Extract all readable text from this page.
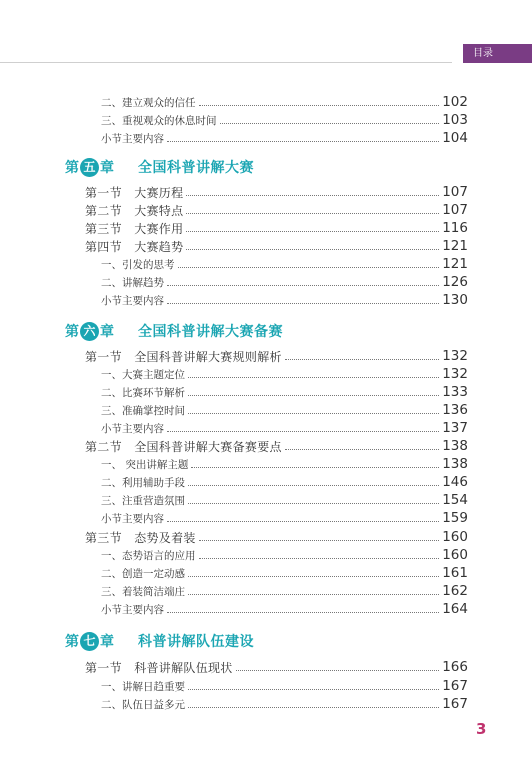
目录
二、建立观众的信任	102
三、重视观众的休息时间	103
小节主要内容	104
第 五 章 全国科普讲解大赛
第一节　大赛历程	107
第二节　大赛特点	107
第三节　大赛作用	116
第四节　大赛趋势	121
一、引发的思考	121
二、讲解趋势	126
小节主要内容	130
第 六 章 全国科普讲解大赛备赛
第一节　全国科普讲解大赛规则解析	132
一、大赛主题定位	132
二、比赛环节解析	133
三、准确掌控时间	136
小节主要内容	137
第二节　全国科普讲解大赛备赛要点	138
一、 突出讲解主题	138
二、利用辅助手段	146
三、注重营造氛围	154
小节主要内容	159
第三节　态势及着装	160
一、态势语言的应用	160
二、创造一定动感	161
三、着装简洁端庄	162
小节主要内容	164
第 七 章 科普讲解队伍建设
第一节　科普讲解队伍现状	166
一、讲解日趋重要	167
二、队伍日益多元	167
3
